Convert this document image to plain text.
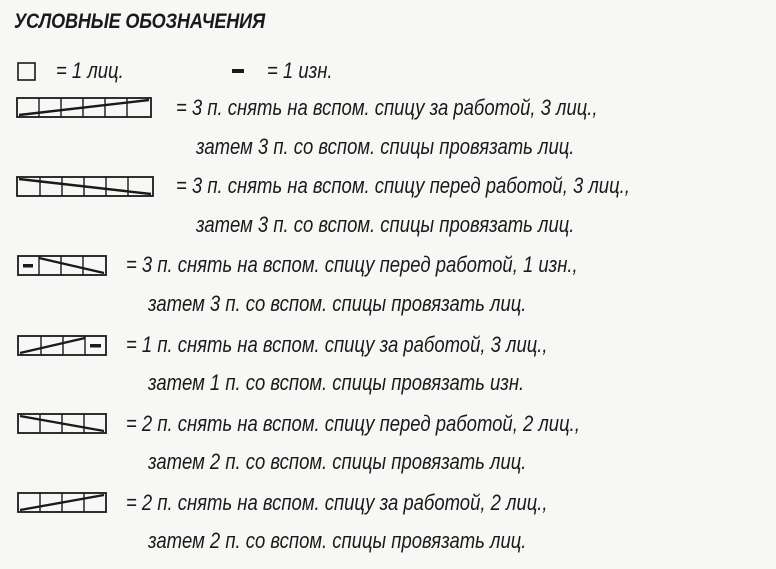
УСЛОВНЫЕ ОБОЗНАЧЕНИЯ
= 1 лиц.	= 1 изн.
= 3 п. снять на вспом. спицу за работой, 3 лиц.,
затем 3 п. со вспом. спицы провязать лиц.
= 3 п. снять на вспом. спицу перед работой, 3 лиц.,
затем 3 п. со вспом. спицы провязать лиц.
= 3 п. снять на вспом. спицу перед работой, 1 изн.,
затем 3 п. со вспом. спицы провязать лиц.
= 1 п. снять на вспом. спицу за работой, 3 лиц.,
затем 1 п. со вспом. спицы провязать изн.
= 2 п. снять на вспом. спицу перед работой, 2 лиц.,
затем 2 п. со вспом. спицы провязать лиц.
= 2 п. снять на вспом. спицу за работой, 2 лиц.,
затем 2 п. со вспом. спицы провязать лиц.
